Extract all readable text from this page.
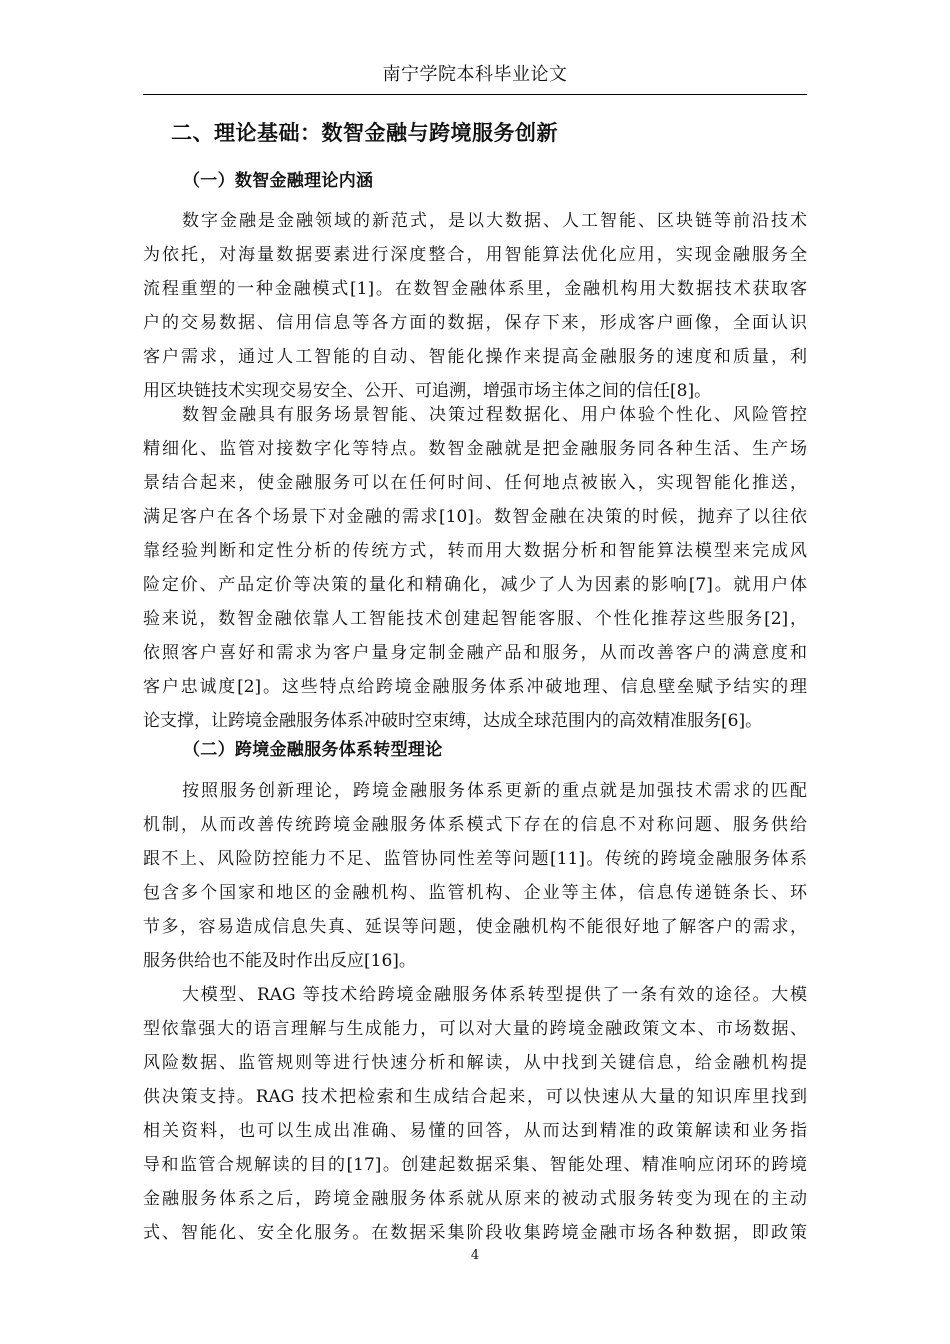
南宁学院本科毕业论文
二、理论基础：数智金融与跨境服务创新
（一）数智金融理论内涵
数字金融是金融领域的新范式，是以大数据、人工智能、区块链等前沿技术
为依托，对海量数据要素进行深度整合，用智能算法优化应用，实现金融服务全
流程重塑的一种金融模式[1]。在数智金融体系里，金融机构用大数据技术获取客
户的交易数据、信用信息等各方面的数据，保存下来，形成客户画像，全面认识
客户需求，通过人工智能的自动、智能化操作来提高金融服务的速度和质量，利
用区块链技术实现交易安全、公开、可追溯，增强市场主体之间的信任[8]。
数智金融具有服务场景智能、决策过程数据化、用户体验个性化、风险管控
精细化、监管对接数字化等特点。数智金融就是把金融服务同各种生活、生产场
景结合起来，使金融服务可以在任何时间、任何地点被嵌入，实现智能化推送，
满足客户在各个场景下对金融的需求[10]。数智金融在决策的时候，抛弃了以往依
靠经验判断和定性分析的传统方式，转而用大数据分析和智能算法模型来完成风
险定价、产品定价等决策的量化和精确化，减少了人为因素的影响[7]。就用户体
验来说，数智金融依靠人工智能技术创建起智能客服、个性化推荐这些服务[2]，
依照客户喜好和需求为客户量身定制金融产品和服务，从而改善客户的满意度和
客户忠诚度[2]。这些特点给跨境金融服务体系冲破地理、信息壁垒赋予结实的理
论支撑，让跨境金融服务体系冲破时空束缚，达成全球范围内的高效精准服务[6]。
（二）跨境金融服务体系转型理论
按照服务创新理论，跨境金融服务体系更新的重点就是加强技术需求的匹配
机制，从而改善传统跨境金融服务体系模式下存在的信息不对称问题、服务供给
跟不上、风险防控能力不足、监管协同性差等问题[11]。传统的跨境金融服务体系
包含多个国家和地区的金融机构、监管机构、企业等主体，信息传递链条长、环
节多，容易造成信息失真、延误等问题，使金融机构不能很好地了解客户的需求，
服务供给也不能及时作出反应[16]。
大模型、RAG 等技术给跨境金融服务体系转型提供了一条有效的途径。大模
型依靠强大的语言理解与生成能力，可以对大量的跨境金融政策文本、市场数据、
风险数据、监管规则等进行快速分析和解读，从中找到关键信息，给金融机构提
供决策支持。RAG 技术把检索和生成结合起来，可以快速从大量的知识库里找到
相关资料，也可以生成出准确、易懂的回答，从而达到精准的政策解读和业务指
导和监管合规解读的目的[17]。创建起数据采集、智能处理、精准响应闭环的跨境
金融服务体系之后，跨境金融服务体系就从原来的被动式服务转变为现在的主动
式、智能化、安全化服务。在数据采集阶段收集跨境金融市场各种数据，即政策
4
